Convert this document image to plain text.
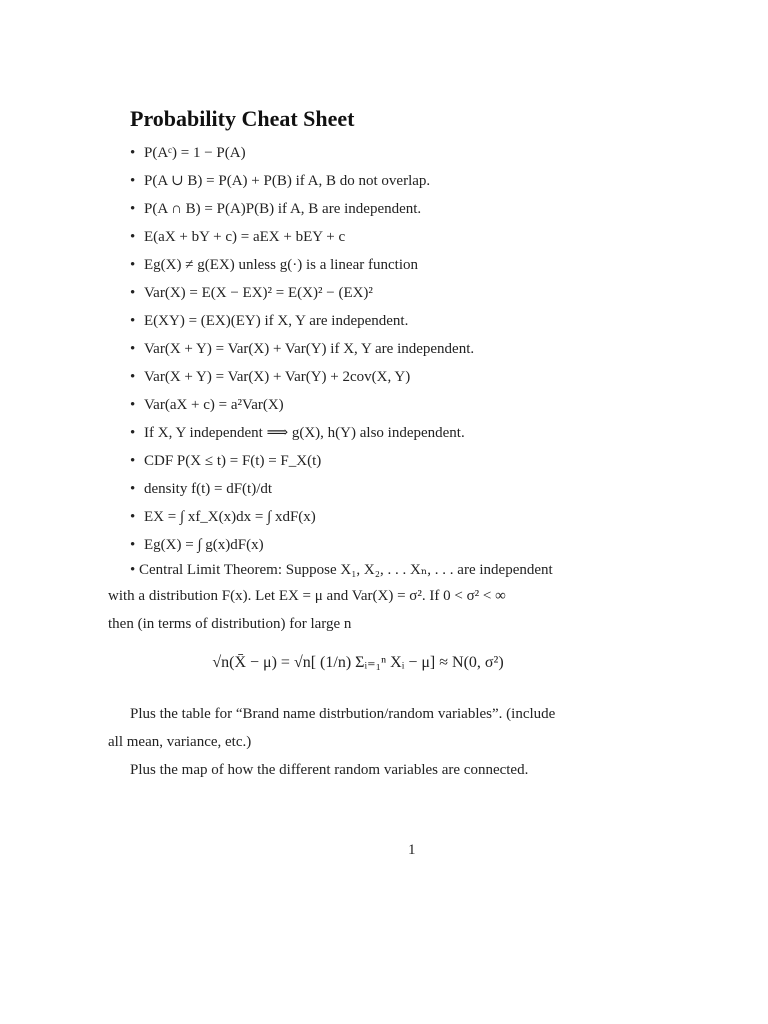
Probability Cheat Sheet
• P(Aᶜ) = 1 − P(A)
• P(A ∪ B) = P(A) + P(B) if A, B do not overlap.
• P(A ∩ B) = P(A)P(B) if A, B are independent.
• E(aX + bY + c) = aEX + bEY + c
• Eg(X) ≠ g(EX) unless g(·) is a linear function
• Var(X) = E(X − EX)² = E(X)² − (EX)²
• E(XY) = (EX)(EY) if X, Y are independent.
• Var(X + Y) = Var(X) + Var(Y) if X, Y are independent.
• Var(X + Y) = Var(X) + Var(Y) + 2cov(X, Y)
• Var(aX + c) = a²Var(X)
• If X, Y independent ⟹ g(X), h(Y) also independent.
• CDF P(X ≤ t) = F(t) = F_X(t)
• density f(t) = dF(t)/dt
• EX = ∫ xf_X(x)dx = ∫ xdF(x)
• Eg(X) = ∫ g(x)dF(x)
• Central Limit Theorem: Suppose X₁, X₂, . . . Xₙ, . . . are independent
with a distribution F(x). Let EX = μ and Var(X) = σ². If 0 < σ² < ∞
then (in terms of distribution) for large n
√n(X̄ − μ) = √n[ (1/n) Σᵢ₌₁ⁿ Xᵢ − μ] ≈ N(0, σ²)
Plus the table for “Brand name distrbution/random variables”. (include
all mean, variance, etc.)
Plus the map of how the different random variables are connected.
1
